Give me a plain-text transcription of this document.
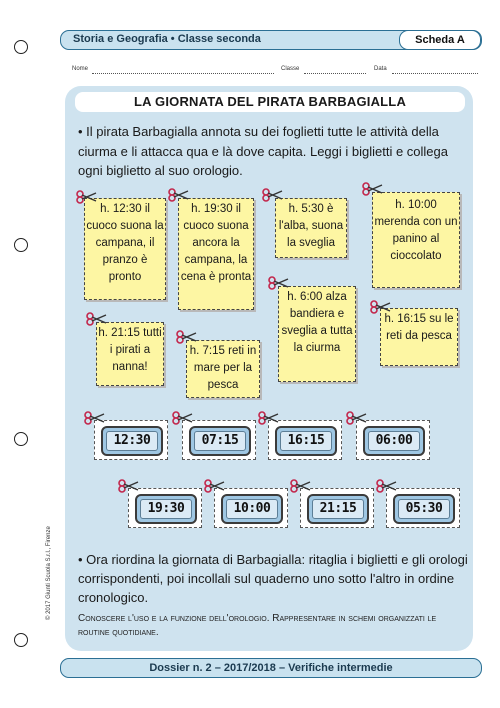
Storia e Geografia • Classe seconda	Scheda A
Nome	Classe	Data
LA GIORNATA DEL PIRATA BARBAGIALLA
• Il pirata Barbagialla annota su dei foglietti tutte le attività della ciurma e li attacca qua e là dove capita. Leggi i biglietti e collega ogni biglietto al suo orologio.
h. 12:30 il cuoco suona la campana, il pranzo è pronto
h. 19:30 il cuoco suona ancora la campana, la cena è pronta
h. 5:30 è l'alba, suona la sveglia
h. 10:00 merenda con un panino al cioccolato
h. 6:00 alza bandiera e sveglia a tutta la ciurma
h. 16:15 su le reti da pesca
h. 21:15 tutti i pirati a nanna!
h. 7:15 reti in mare per la pesca
12:30	07:15	16:15	06:00
19:30	10:00	21:15	05:30
• Ora riordina la giornata di Barbagialla: ritaglia i biglietti e gli orologi corrispondenti, poi incollali sul quaderno uno sotto l'altro in ordine cronologico.
Conoscere l'uso e la funzione dell'orologio. Rappresentare in schemi organizzati le routine quotidiane.
Dossier n. 2 – 2017/2018 – Verifiche intermedie
© 2017 Giunti Scuola S.r.l., Firenze
